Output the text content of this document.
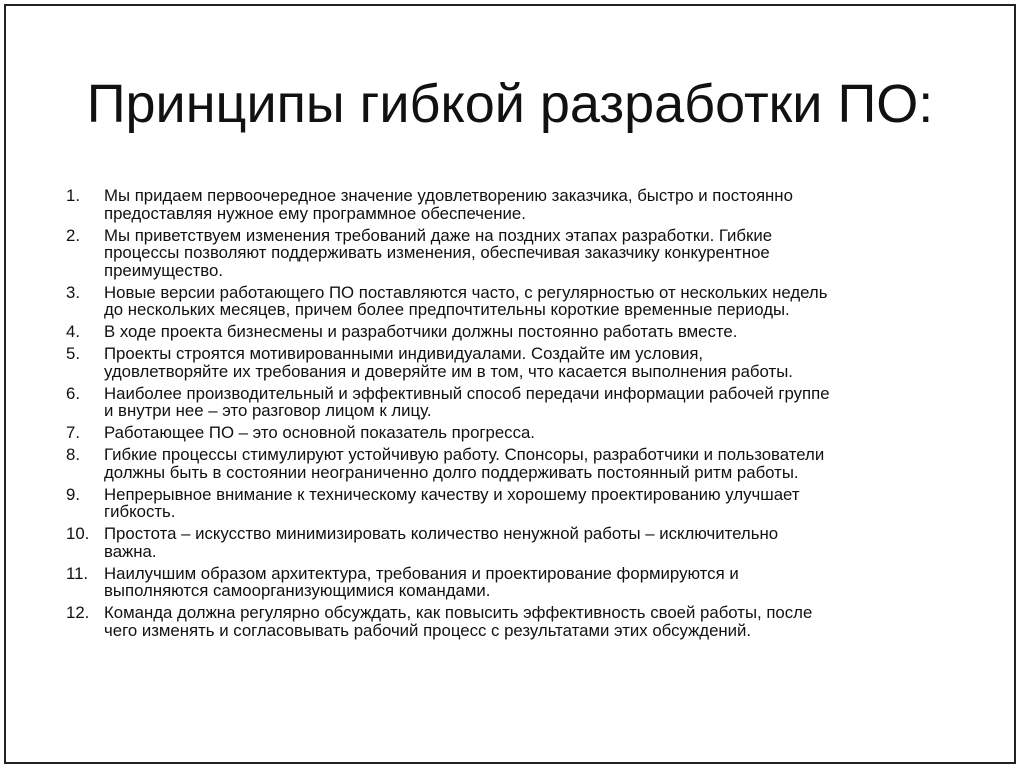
Принципы гибкой разработки ПО:
1.	Мы придаем первоочередное значение удовлетворению заказчика, быстро и постоянно
предоставляя нужное ему программное обеспечение.
2.	Мы приветствуем изменения требований даже на поздних этапах разработки. Гибкие
процессы позволяют поддерживать изменения, обеспечивая заказчику конкурентное
преимущество.
3.	Новые версии работающего ПО поставляются часто, с регулярностью от нескольких недель
до нескольких месяцев, причем более предпочтительны короткие временные периоды.
4.	В ходе проекта бизнесмены и разработчики должны постоянно работать вместе.
5.	Проекты строятся мотивированными индивидуалами. Создайте им условия,
удовлетворяйте их требования и доверяйте им в том, что касается выполнения работы.
6.	Наиболее производительный и эффективный способ передачи информации рабочей группе
и внутри нее – это разговор лицом к лицу.
7.	Работающее ПО – это основной показатель прогресса.
8.	Гибкие процессы стимулируют устойчивую работу. Спонсоры, разработчики и пользователи
должны быть в состоянии неограниченно долго поддерживать постоянный ритм работы.
9.	Непрерывное внимание к техническому качеству и хорошему проектированию улучшает
гибкость.
10. Простота – искусство минимизировать количество ненужной работы – исключительно
важна.
11. Наилучшим образом архитектура, требования и проектирование формируются и
выполняются самоорганизующимися командами.
12. Команда должна регулярно обсуждать, как повысить эффективность своей работы, после
чего изменять и согласовывать рабочий процесс с результатами этих обсуждений.
